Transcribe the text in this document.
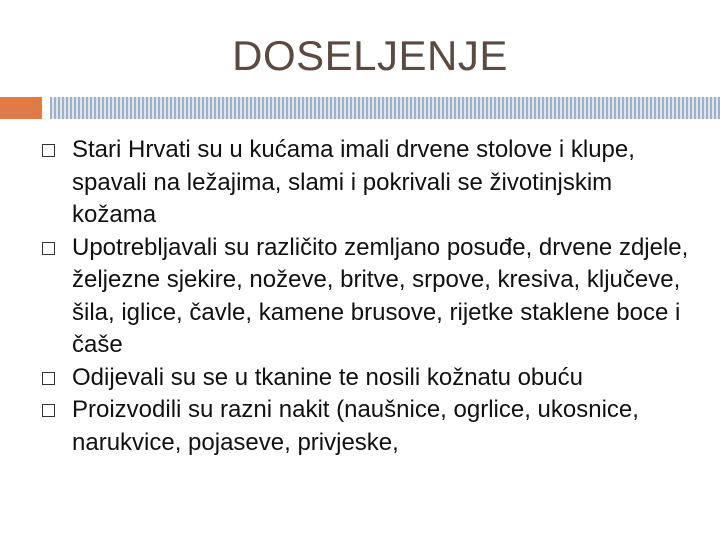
DOSELJENJE
Stari Hrvati su u kućama imali drvene stolove i klupe, spavali na ležajima, slami i pokrivali se životinjskim kožama
Upotrebljavali su različito zemljano posuđe, drvene zdjele, željezne sjekire, noževe, britve, srpove, kresiva, ključeve, šila, iglice, čavle, kamene brusove, rijetke staklene boce i čaše
Odijevali su se u tkanine te nosili kožnatu obuću
Proizvodili su razni nakit (naušnice, ogrlice, ukosnice, narukvice, pojaseve, privjeske,
